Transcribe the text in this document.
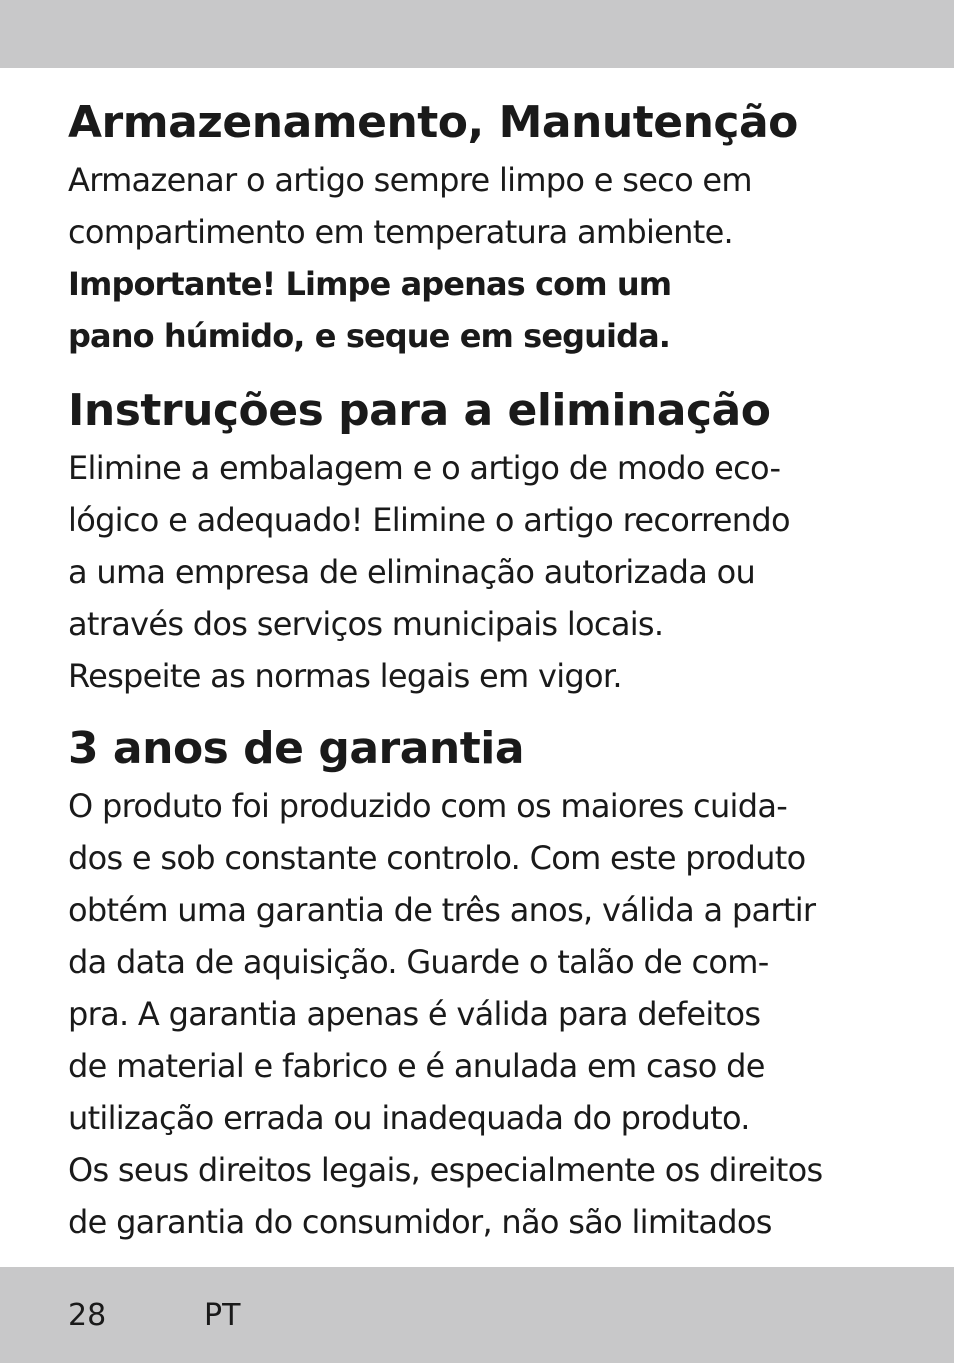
Armazenamento, Manutenção

Armazenar o artigo sempre limpo e seco em
compartimento em temperatura ambiente.

Importante! Limpe apenas com um
pano húmido, e seque em seguida.

Instruções para a eliminação

Elimine a embalagem e o artigo de modo eco-
lógico e adequado! Elimine o artigo recorrendo
a uma empresa de eliminação autorizada ou
através dos serviços municipais locais.
Respeite as normas legais em vigor.

3 anos de garantia

O produto foi produzido com os maiores cuida-
dos e sob constante controlo. Com este produto
obtém uma garantia de três anos, válida a partir
da data de aquisição. Guarde o talão de com-
pra. A garantia apenas é válida para defeitos
de material e fabrico e é anulada em caso de
utilização errada ou inadequada do produto.
Os seus direitos legais, especialmente os direitos
de garantia do consumidor, não são limitados

28	PT
